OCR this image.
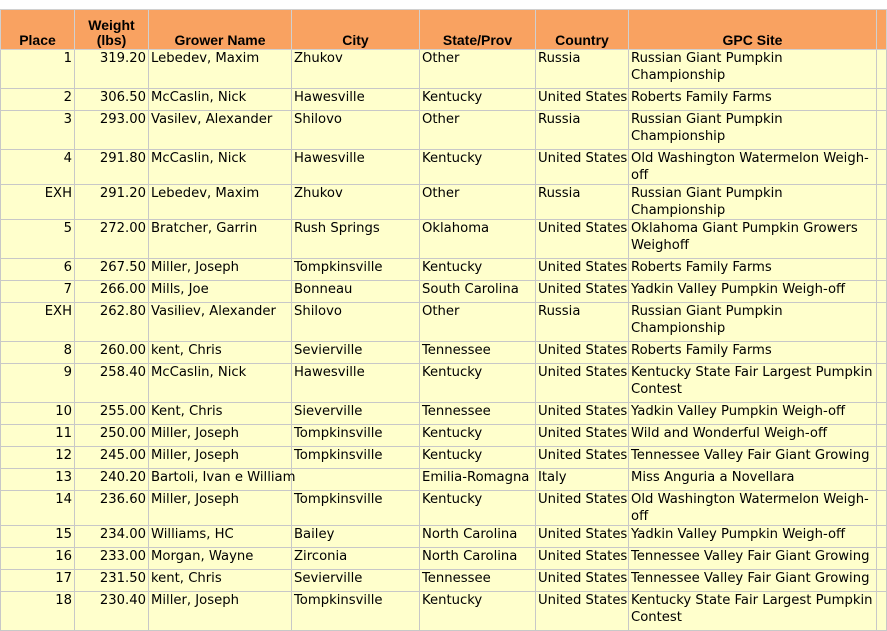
Place	Weight (lbs)	Grower Name	City	State/Prov	Country	GPC Site	
1	319.20	Lebedev, Maxim	Zhukov	Other	Russia	Russian Giant Pumpkin Championship	
2	306.50	McCaslin, Nick	Hawesville	Kentucky	United States	Roberts Family Farms	
3	293.00	Vasilev, Alexander	Shilovo	Other	Russia	Russian Giant Pumpkin Championship	
4	291.80	McCaslin, Nick	Hawesville	Kentucky	United States	Old Washington Watermelon Weigh-off	
EXH	291.20	Lebedev, Maxim	Zhukov	Other	Russia	Russian Giant Pumpkin Championship	
5	272.00	Bratcher, Garrin	Rush Springs	Oklahoma	United States	Oklahoma Giant Pumpkin Growers Weighoff	
6	267.50	Miller, Joseph	Tompkinsville	Kentucky	United States	Roberts Family Farms	
7	266.00	Mills, Joe	Bonneau	South Carolina	United States	Yadkin Valley Pumpkin Weigh-off	
EXH	262.80	Vasiliev, Alexander	Shilovo	Other	Russia	Russian Giant Pumpkin Championship	
8	260.00	kent, Chris	Sevierville	Tennessee	United States	Roberts Family Farms	
9	258.40	McCaslin, Nick	Hawesville	Kentucky	United States	Kentucky State Fair Largest Pumpkin Contest	
10	255.00	Kent, Chris	Sieverville	Tennessee	United States	Yadkin Valley Pumpkin Weigh-off	
11	250.00	Miller, Joseph	Tompkinsville	Kentucky	United States	Wild and Wonderful Weigh-off	
12	245.00	Miller, Joseph	Tompkinsville	Kentucky	United States	Tennessee Valley Fair Giant Growing	
13	240.20	Bartoli, Ivan e William		Emilia-Romagna	Italy	Miss Anguria a Novellara	
14	236.60	Miller, Joseph	Tompkinsville	Kentucky	United States	Old Washington Watermelon Weigh-off	
15	234.00	Williams, HC	Bailey	North Carolina	United States	Yadkin Valley Pumpkin Weigh-off	
16	233.00	Morgan, Wayne	Zirconia	North Carolina	United States	Tennessee Valley Fair Giant Growing	
17	231.50	kent, Chris	Sevierville	Tennessee	United States	Tennessee Valley Fair Giant Growing	
18	230.40	Miller, Joseph	Tompkinsville	Kentucky	United States	Kentucky State Fair Largest Pumpkin Contest	
